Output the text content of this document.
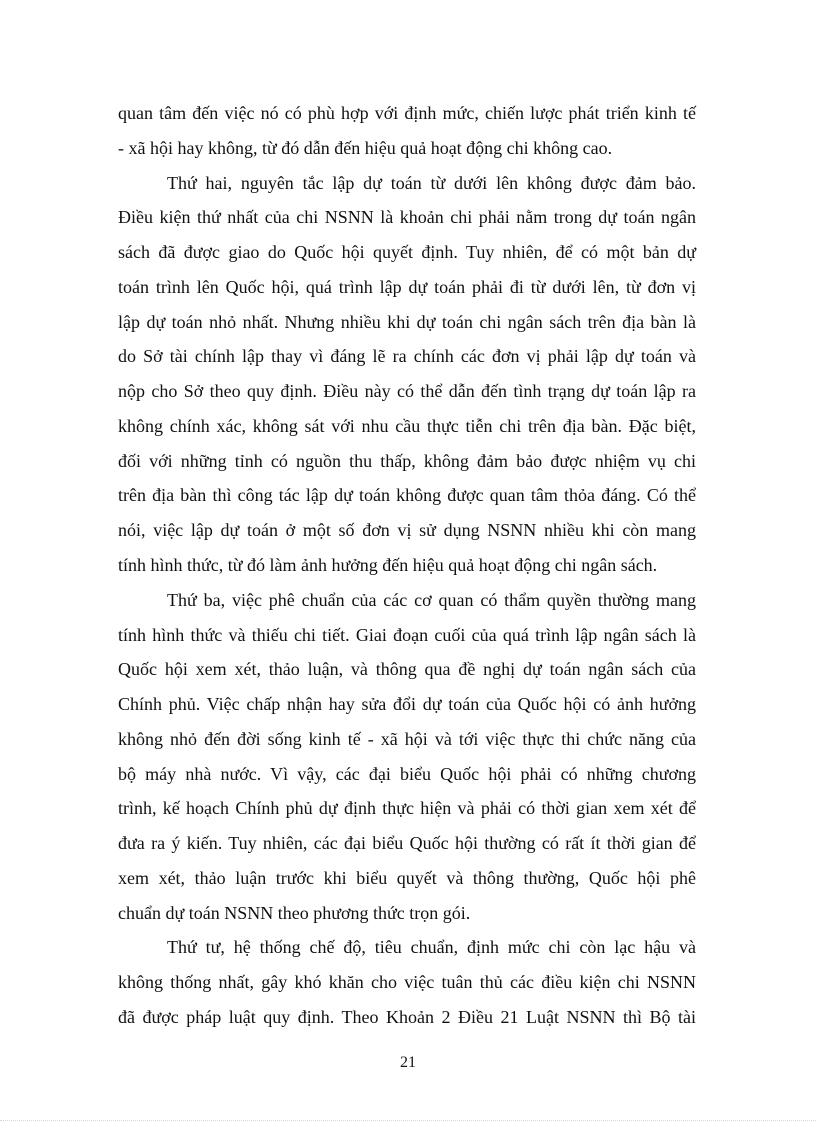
quan tâm đến việc nó có phù hợp với định mức, chiến lược phát triển kinh tế
- xã hội hay không, từ đó dẫn đến hiệu quả hoạt động chi không cao.
Thứ hai, nguyên tắc lập dự toán từ dưới lên không được đảm bảo.
Điều kiện thứ nhất của chi NSNN là khoản chi phải nằm trong dự toán ngân
sách đã được giao do Quốc hội quyết định. Tuy nhiên, để có một bản dự
toán trình lên Quốc hội, quá trình lập dự toán phải đi từ dưới lên, từ đơn vị
lập dự toán nhỏ nhất. Nhưng nhiều khi dự toán chi ngân sách trên địa bàn là
do Sở tài chính lập thay vì đáng lẽ ra chính các đơn vị phải lập dự toán và
nộp cho Sở theo quy định. Điều này có thể dẫn đến tình trạng dự toán lập ra
không chính xác, không sát với nhu cầu thực tiễn chi trên địa bàn. Đặc biệt,
đối với những tỉnh có nguồn thu thấp, không đảm bảo được nhiệm vụ chi
trên địa bàn thì công tác lập dự toán không được quan tâm thỏa đáng. Có thể
nói, việc lập dự toán ở một số đơn vị sử dụng NSNN nhiều khi còn mang
tính hình thức, từ đó làm ảnh hưởng đến hiệu quả hoạt động chi ngân sách.
Thứ ba, việc phê chuẩn của các cơ quan có thẩm quyền thường mang
tính hình thức và thiếu chi tiết. Giai đoạn cuối của quá trình lập ngân sách là
Quốc hội xem xét, thảo luận, và thông qua đề nghị dự toán ngân sách của
Chính phủ. Việc chấp nhận hay sửa đổi dự toán của Quốc hội có ảnh hưởng
không nhỏ đến đời sống kinh tế - xã hội và tới việc thực thi chức năng của
bộ máy nhà nước. Vì vậy, các đại biểu Quốc hội phải có những chương
trình, kế hoạch Chính phủ dự định thực hiện và phải có thời gian xem xét để
đưa ra ý kiến. Tuy nhiên, các đại biểu Quốc hội thường có rất ít thời gian để
xem xét, thảo luận trước khi biểu quyết và thông thường, Quốc hội phê
chuẩn dự toán NSNN theo phương thức trọn gói.
Thứ tư, hệ thống chế độ, tiêu chuẩn, định mức chi còn lạc hậu và
không thống nhất, gây khó khăn cho việc tuân thủ các điều kiện chi NSNN
đã được pháp luật quy định. Theo Khoản 2 Điều 21 Luật NSNN thì Bộ tài
21
